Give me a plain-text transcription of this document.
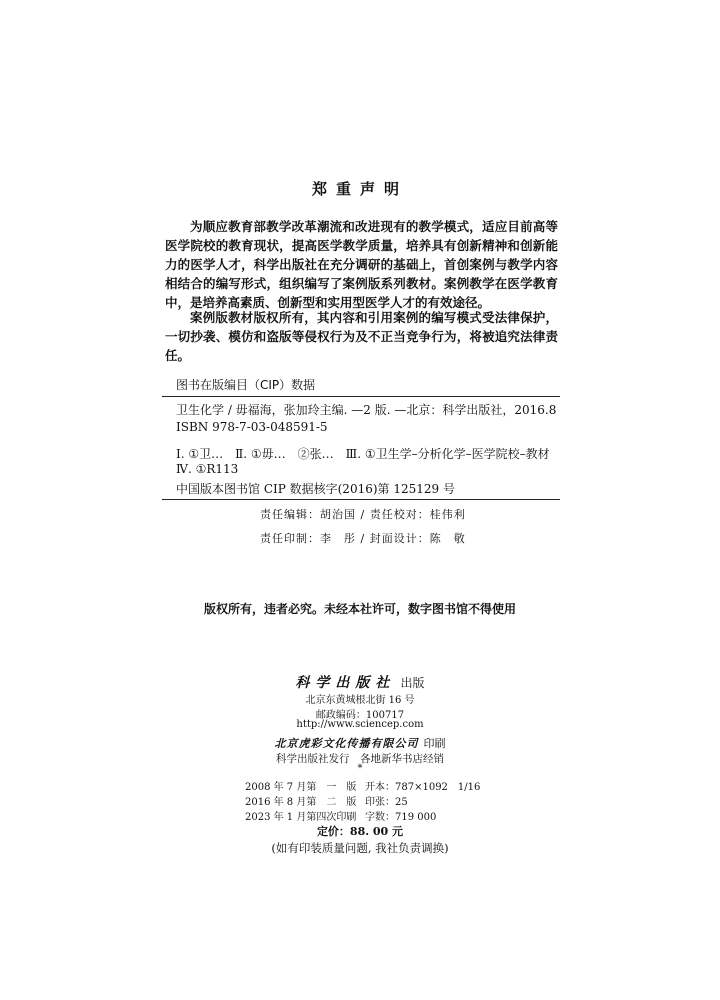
郑重声明
为顺应教育部教学改革潮流和改进现有的教学模式，适应目前高等医学院校的教育现状，提高医学教学质量，培养具有创新精神和创新能力的医学人才，科学出版社在充分调研的基础上，首创案例与教学内容相结合的编写形式，组织编写了案例版系列教材。案例教学在医学教育中，是培养高素质、创新型和实用型医学人才的有效途径。
案例版教材版权所有，其内容和引用案例的编写模式受法律保护，一切抄袭、模仿和盗版等侵权行为及不正当竞争行为，将被追究法律责任。
图书在版编目（CIP）数据
卫生化学 / 毋福海，张加玲主编. —2 版. —北京：科学出版社，2016.8
ISBN 978-7-03-048591-5
Ⅰ. ①卫…　Ⅱ. ①毋…　②张…　Ⅲ. ①卫生学–分析化学–医学院校–教材
Ⅳ. ①R113
中国版本图书馆 CIP 数据核字(2016)第 125129 号
责任编辑：胡治国 / 责任校对：桂伟利
责任印制：李　彤 / 封面设计：陈　敬
版权所有，违者必究。未经本社许可，数字图书馆不得使用
科学出版社 出版
北京东黄城根北街 16 号
邮政编码：100717
http://www.sciencep.com
北京虎彩文化传播有限公司 印刷
科学出版社发行　各地新华书店经销
*
2008 年 7 月第　一　版 开本：787×1092　1/16
2016 年 8 月第　二　版 印张：25
2023 年 1 月第四次印刷 字数：719 000
定价：88. 00 元
(如有印装质量问题, 我社负责调换)
